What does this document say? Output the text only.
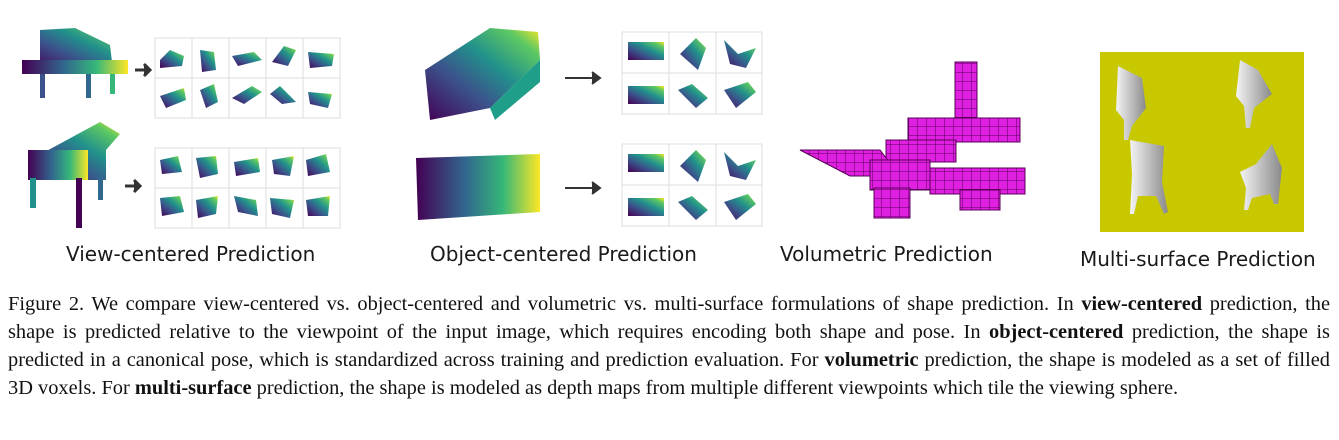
View-centered Prediction	Object-centered Prediction	Volumetric Prediction	Multi-surface Prediction
Figure 2. We compare view-centered vs. object-centered and volumetric vs. multi-surface formulations of shape prediction. In view-centered prediction, the shape is predicted relative to the viewpoint of the input image, which requires encoding both shape and pose. In object-centered prediction, the shape is predicted in a canonical pose, which is standardized across training and prediction evaluation. For volumetric prediction, the shape is modeled as a set of filled 3D voxels. For multi-surface prediction, the shape is modeled as depth maps from multiple different viewpoints which tile the viewing sphere.
